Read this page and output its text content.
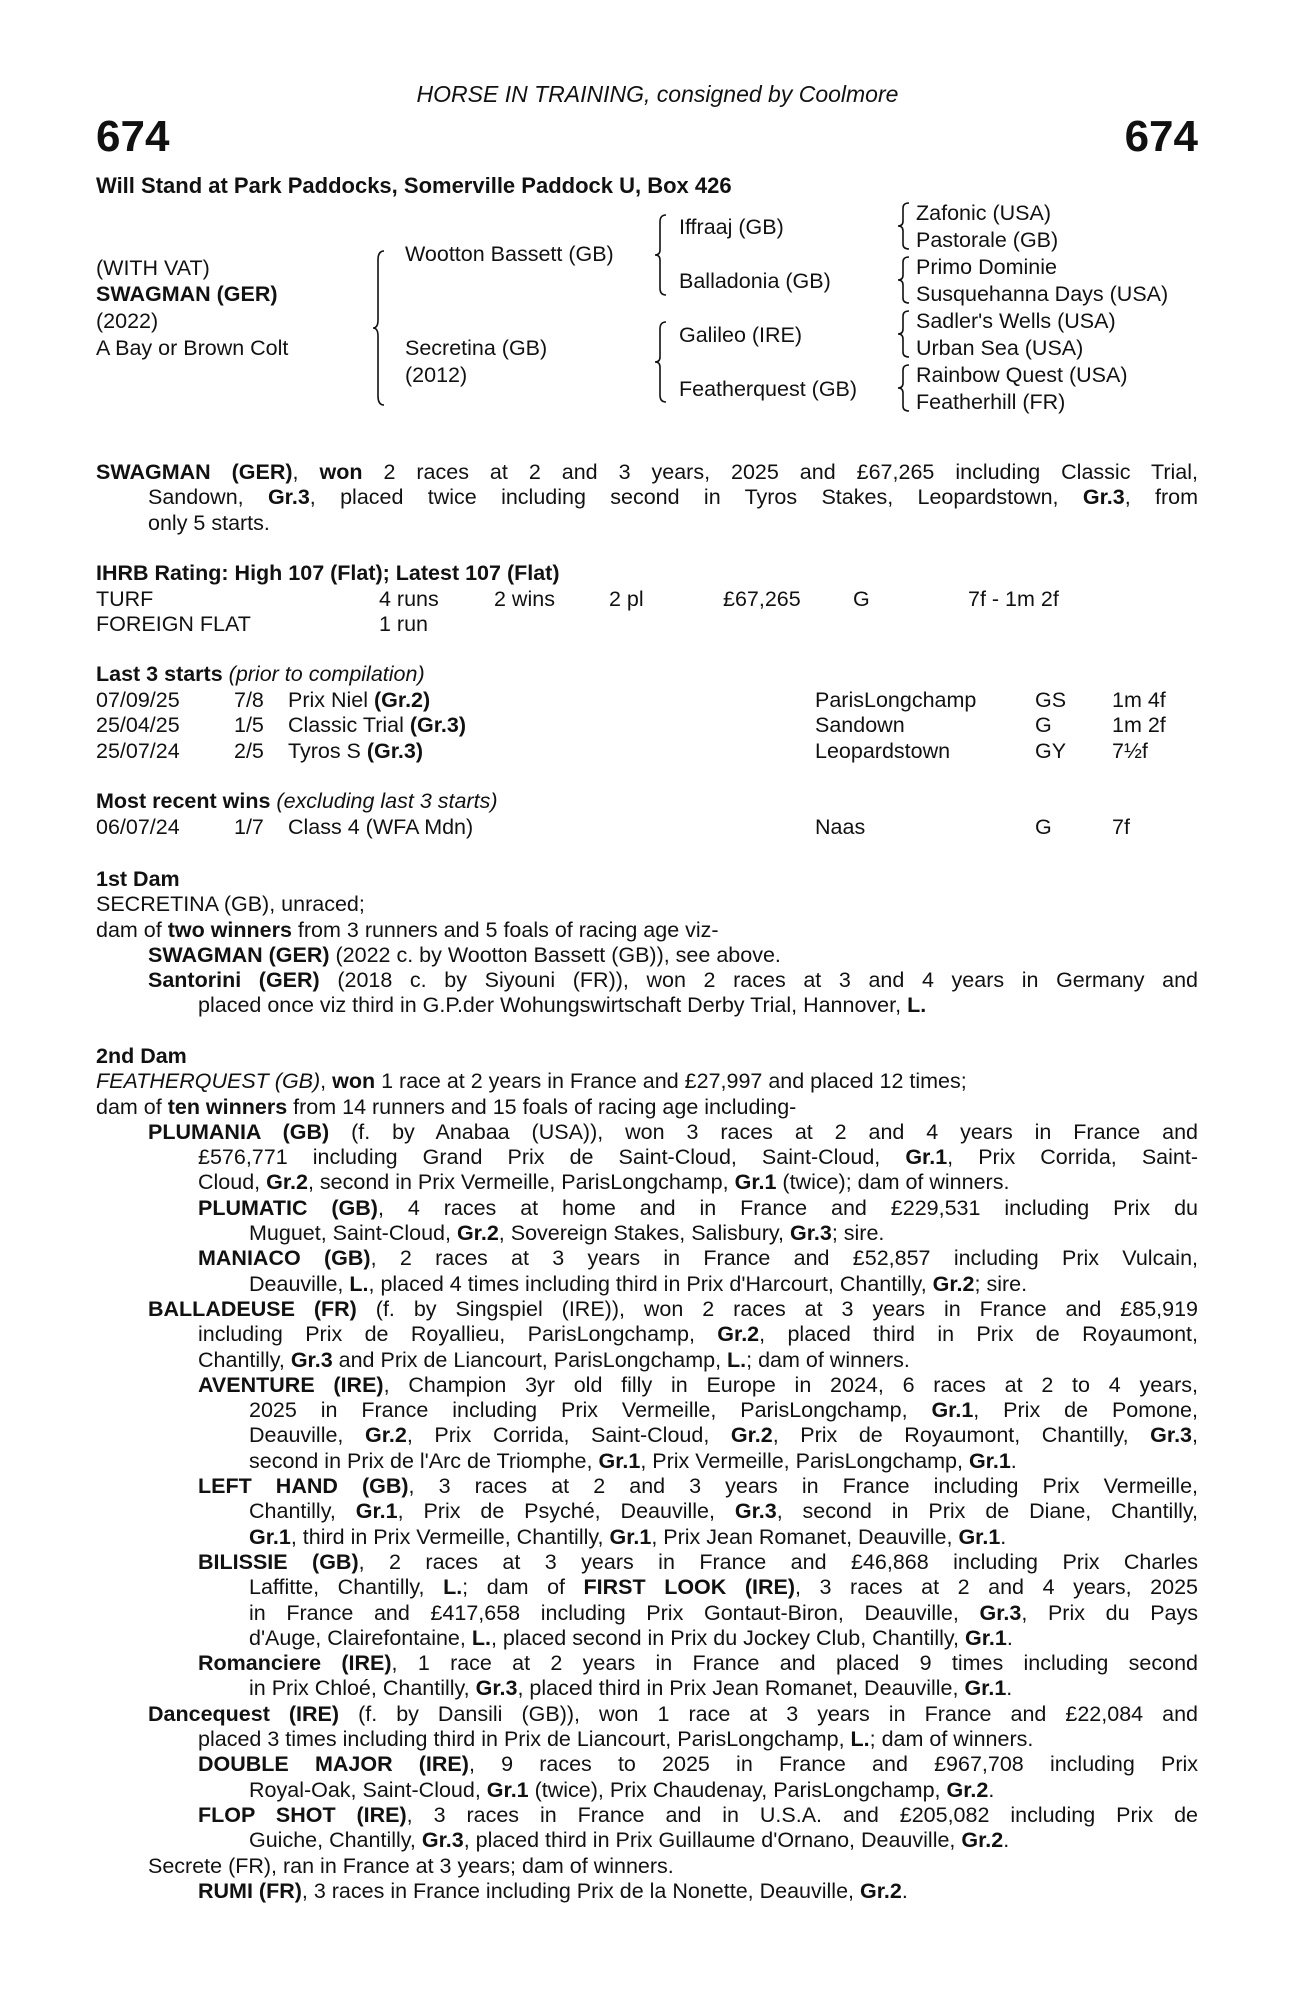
HORSE IN TRAINING, consigned by Coolmore
674	674
Will Stand at Park Paddocks, Somerville Paddock U, Box 426
(WITH VAT)
SWAGMAN (GER)
(2022)
A Bay or Brown Colt
Wootton Bassett (GB)
Secretina (GB)
(2012)
Iffraaj (GB)
Balladonia (GB)
Galileo (IRE)
Featherquest (GB)
Zafonic (USA)
Pastorale (GB)
Primo Dominie
Susquehanna Days (USA)
Sadler's Wells (USA)
Urban Sea (USA)
Rainbow Quest (USA)
Featherhill (FR)
SWAGMAN (GER), won 2 races at 2 and 3 years, 2025 and £67,265 including Classic Trial,
Sandown, Gr.3, placed twice including second in Tyros Stakes, Leopardstown, Gr.3, from
only 5 starts.
IHRB Rating: High 107 (Flat); Latest 107 (Flat)
TURF	4 runs	2 wins	2 pl	£67,265 G	7f - 1m 2f
FOREIGN FLAT	1 run
Last 3 starts (prior to compilation)
07/09/25	7/8 Prix Niel (Gr.2)	ParisLongchamp	GS 1m 4f
25/04/25	1/5 Classic Trial (Gr.3)	Sandown	G	1m 2f
25/07/24	2/5 Tyros S (Gr.3)	Leopardstown	GY 7½f
Most recent wins (excluding last 3 starts)
06/07/24	1/7 Class 4 (WFA Mdn)	Naas	G	7f
1st Dam
SECRETINA (GB), unraced;
dam of two winners from 3 runners and 5 foals of racing age viz-
SWAGMAN (GER) (2022 c. by Wootton Bassett (GB)), see above.
Santorini (GER) (2018 c. by Siyouni (FR)), won 2 races at 3 and 4 years in Germany and
placed once viz third in G.P.der Wohungswirtschaft Derby Trial, Hannover, L.
2nd Dam
FEATHERQUEST (GB), won 1 race at 2 years in France and £27,997 and placed 12 times;
dam of ten winners from 14 runners and 15 foals of racing age including-
PLUMANIA (GB) (f. by Anabaa (USA)), won 3 races at 2 and 4 years in France and
£576,771 including Grand Prix de Saint-Cloud, Saint-Cloud, Gr.1, Prix Corrida, Saint-
Cloud, Gr.2, second in Prix Vermeille, ParisLongchamp, Gr.1 (twice); dam of winners.
PLUMATIC (GB), 4 races at home and in France and £229,531 including Prix du
Muguet, Saint-Cloud, Gr.2, Sovereign Stakes, Salisbury, Gr.3; sire.
MANIACO (GB), 2 races at 3 years in France and £52,857 including Prix Vulcain,
Deauville, L., placed 4 times including third in Prix d'Harcourt, Chantilly, Gr.2; sire.
BALLADEUSE (FR) (f. by Singspiel (IRE)), won 2 races at 3 years in France and £85,919
including Prix de Royallieu, ParisLongchamp, Gr.2, placed third in Prix de Royaumont,
Chantilly, Gr.3 and Prix de Liancourt, ParisLongchamp, L.; dam of winners.
AVENTURE (IRE), Champion 3yr old filly in Europe in 2024, 6 races at 2 to 4 years,
2025 in France including Prix Vermeille, ParisLongchamp, Gr.1, Prix de Pomone,
Deauville, Gr.2, Prix Corrida, Saint-Cloud, Gr.2, Prix de Royaumont, Chantilly, Gr.3,
second in Prix de l'Arc de Triomphe, Gr.1, Prix Vermeille, ParisLongchamp, Gr.1.
LEFT HAND (GB), 3 races at 2 and 3 years in France including Prix Vermeille,
Chantilly, Gr.1, Prix de Psyché, Deauville, Gr.3, second in Prix de Diane, Chantilly,
Gr.1, third in Prix Vermeille, Chantilly, Gr.1, Prix Jean Romanet, Deauville, Gr.1.
BILISSIE (GB), 2 races at 3 years in France and £46,868 including Prix Charles
Laffitte, Chantilly, L.; dam of FIRST LOOK (IRE), 3 races at 2 and 4 years, 2025
in France and £417,658 including Prix Gontaut-Biron, Deauville, Gr.3, Prix du Pays
d'Auge, Clairefontaine, L., placed second in Prix du Jockey Club, Chantilly, Gr.1.
Romanciere (IRE), 1 race at 2 years in France and placed 9 times including second
in Prix Chloé, Chantilly, Gr.3, placed third in Prix Jean Romanet, Deauville, Gr.1.
Dancequest (IRE) (f. by Dansili (GB)), won 1 race at 3 years in France and £22,084 and
placed 3 times including third in Prix de Liancourt, ParisLongchamp, L.; dam of winners.
DOUBLE MAJOR (IRE), 9 races to 2025 in France and £967,708 including Prix
Royal-Oak, Saint-Cloud, Gr.1 (twice), Prix Chaudenay, ParisLongchamp, Gr.2.
FLOP SHOT (IRE), 3 races in France and in U.S.A. and £205,082 including Prix de
Guiche, Chantilly, Gr.3, placed third in Prix Guillaume d'Ornano, Deauville, Gr.2.
Secrete (FR), ran in France at 3 years; dam of winners.
RUMI (FR), 3 races in France including Prix de la Nonette, Deauville, Gr.2.
